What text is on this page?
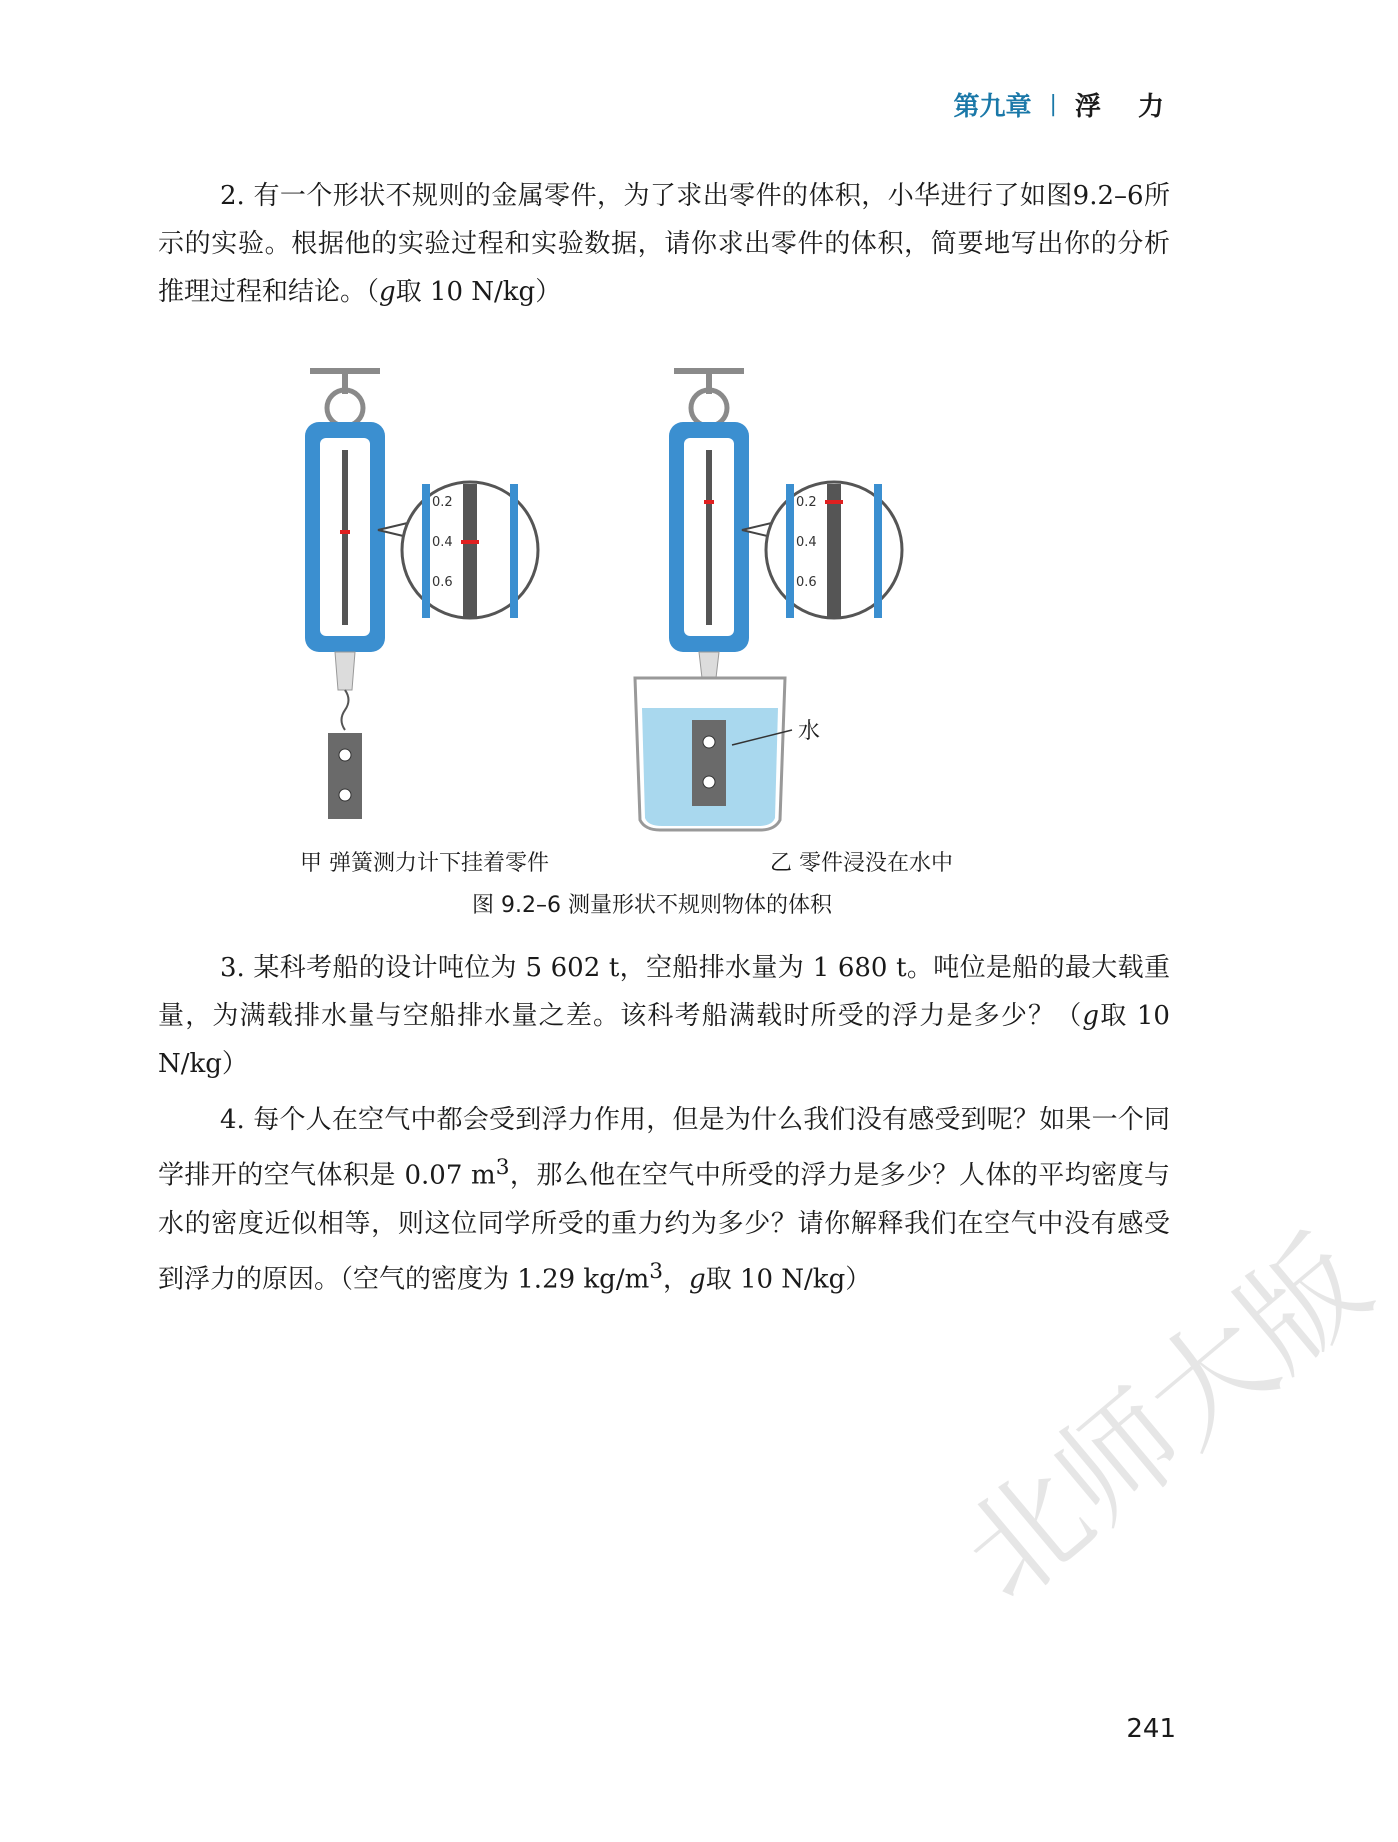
第九章 | 浮 力
2. 有一个形状不规则的金属零件，为了求出零件的体积，小华进行了如图9.2–6所示的实验。根据他的实验过程和实验数据，请你求出零件的体积，简要地写出你的分析推理过程和结论。（g取 10 N/kg）
0.2
0.4
0.6
0.2
0.4
0.6
水
甲 弹簧测力计下挂着零件	乙 零件浸没在水中
图 9.2–6 测量形状不规则物体的体积
3. 某科考船的设计吨位为 5 602 t，空船排水量为 1 680 t。吨位是船的最大载重量，为满载排水量与空船排水量之差。该科考船满载时所受的浮力是多少？（g取 10 N/kg）
4. 每个人在空气中都会受到浮力作用，但是为什么我们没有感受到呢？如果一个同学排开的空气体积是 0.07 $m^3$，那么他在空气中所受的浮力是多少？人体的平均密度与水的密度近似相等，则这位同学所受的重力约为多少？请你解释我们在空气中没有感受到浮力的原因。（空气的密度为 1.29 $kg/m^3$，g取 10 N/kg） 北师大版
241
